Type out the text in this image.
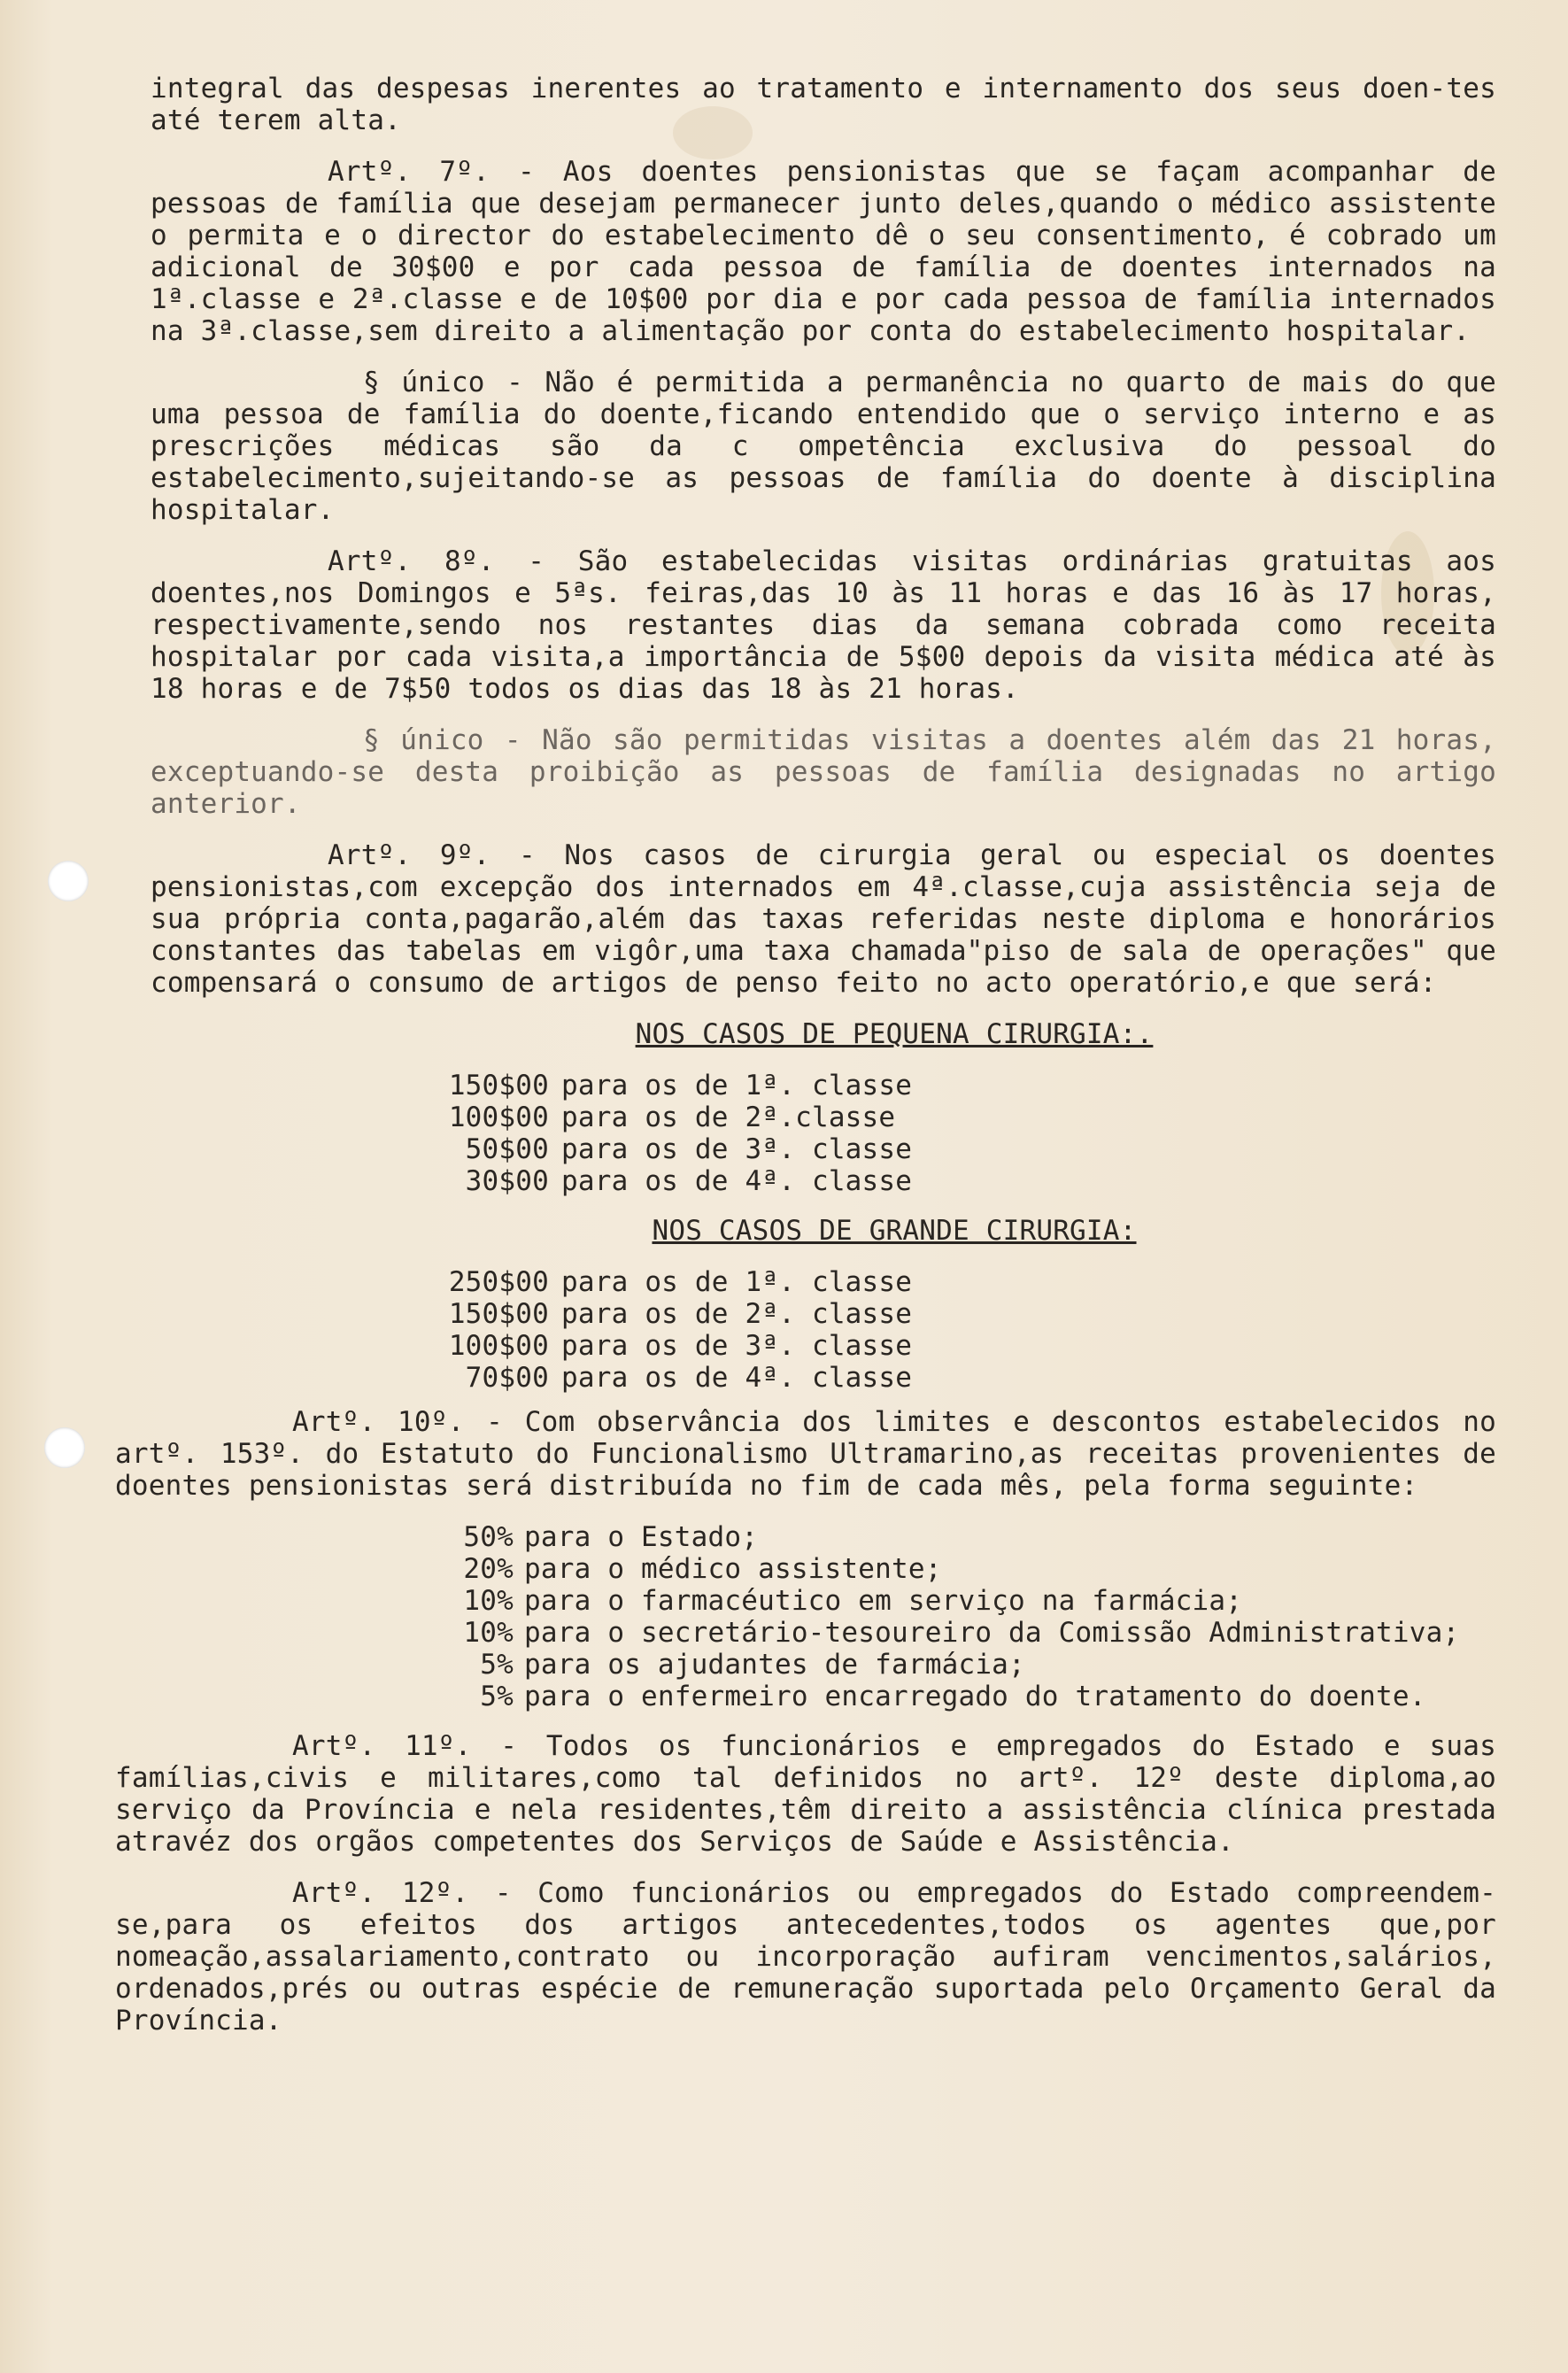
integral das despesas inerentes ao tratamento e internamento dos seus doen-tes até terem alta.

Artº. 7º. - Aos doentes pensionistas que se façam acompanhar de pessoas de família que desejam permanecer junto deles,quando o médico assistente o permita e o director do estabelecimento dê o seu consentimento, é cobrado um adicional de 30$00 e por cada pessoa de família de doentes internados na 1ª.classe e 2ª.classe e de 10$00 por dia e por cada pessoa de família internados na 3ª.classe,sem direito a alimentação por conta do estabelecimento hospitalar.

§ único - Não é permitida a permanência no quarto de mais do que uma pessoa de família do doente,ficando entendido que o serviço interno e as prescrições médicas são da c ompetência exclusiva do pessoal do estabelecimento,sujeitando-se as pessoas de família do doente à disciplina hospitalar.

Artº. 8º. - São estabelecidas visitas ordinárias gratuitas aos doentes,nos Domingos e 5ªs. feiras,das 10 às 11 horas e das 16 às 17 horas, respectivamente,sendo nos restantes dias da semana cobrada como receita hospitalar por cada visita,a importância de 5$00 depois da visita médica até às 18 horas e de 7$50 todos os dias das 18 às 21 horas.

§ único - Não são permitidas visitas a doentes além das 21 horas, exceptuando-se desta proibição as pessoas de família designadas no artigo anterior.

Artº. 9º. - Nos casos de cirurgia geral ou especial os doentes pensionistas,com excepção dos internados em 4ª.classe,cuja assistência seja de sua própria conta,pagarão,além das taxas referidas neste diploma e honorários constantes das tabelas em vigôr,uma taxa chamada"piso de sala de operações" que compensará o consumo de artigos de penso feito no acto operatório,e que será:

NOS CASOS DE PEQUENA CIRURGIA:.
150$00 para os de 1ª. classe
100$00 para os de 2ª.classe
50$00 para os de 3ª. classe
30$00 para os de 4ª. classe
NOS CASOS DE GRANDE CIRURGIA:
250$00 para os de 1ª. classe
150$00 para os de 2ª. classe
100$00 para os de 3ª. classe
70$00 para os de 4ª. classe

Artº. 10º. - Com observância dos limites e descontos estabelecidos no artº. 153º. do Estatuto do Funcionalismo Ultramarino,as receitas provenientes de doentes pensionistas será distribuída no fim de cada mês, pela forma seguinte:

50% para o Estado;
20% para o médico assistente;
10% para o farmacéutico em serviço na farmácia;
10% para o secretário-tesoureiro da Comissão Administrativa;
5% para os ajudantes de farmácia;
5% para o enfermeiro encarregado do tratamento do doente.

Artº. 11º. - Todos os funcionários e empregados do Estado e suas famílias,civis e militares,como tal definidos no artº. 12º deste diploma,ao serviço da Província e nela residentes,têm direito a assistência clínica prestada atravéz dos orgãos competentes dos Serviços de Saúde e Assistência.

Artº. 12º. - Como funcionários ou empregados do Estado compreendem-se,para os efeitos dos artigos antecedentes,todos os agentes que,por nomeação,assalariamento,contrato ou incorporação aufiram vencimentos,salários, ordenados,prés ou outras espécie de remuneração suportada pelo Orçamento Geral da Província.
